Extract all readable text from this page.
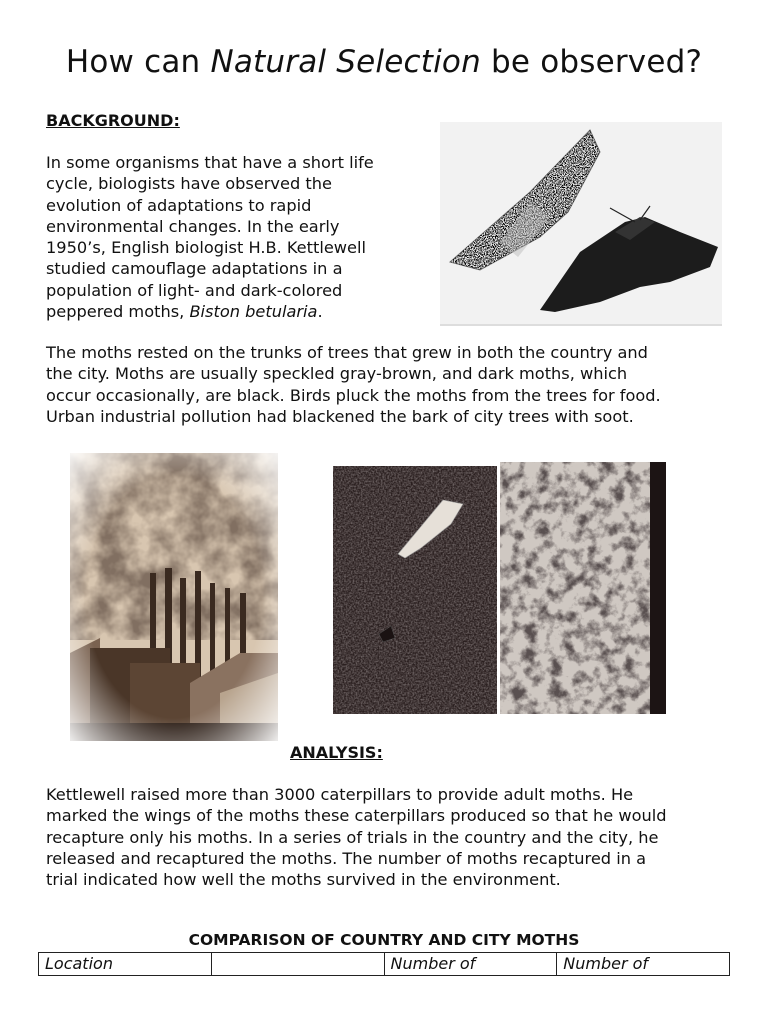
How can Natural Selection be observed?
BACKGROUND:
In some organisms that have a short life
cycle, biologists have observed the
evolution of adaptations to rapid
environmental changes. In the early
1950’s, English biologist H.B. Kettlewell
studied camouflage adaptations in a
population of light- and dark-colored
peppered moths, Biston betularia.
The moths rested on the trunks of trees that grew in both the country and
the city. Moths are usually speckled gray-brown, and dark moths, which
occur occasionally, are black. Birds pluck the moths from the trees for food.
Urban industrial pollution had blackened the bark of city trees with soot.
ANALYSIS:
Kettlewell raised more than 3000 caterpillars to provide adult moths. He
marked the wings of the moths these caterpillars produced so that he would
recapture only his moths. In a series of trials in the country and the city, he
released and recaptured the moths. The number of moths recaptured in a
trial indicated how well the moths survived in the environment.
COMPARISON OF COUNTRY AND CITY MOTHS
Location		Number of	Number of
